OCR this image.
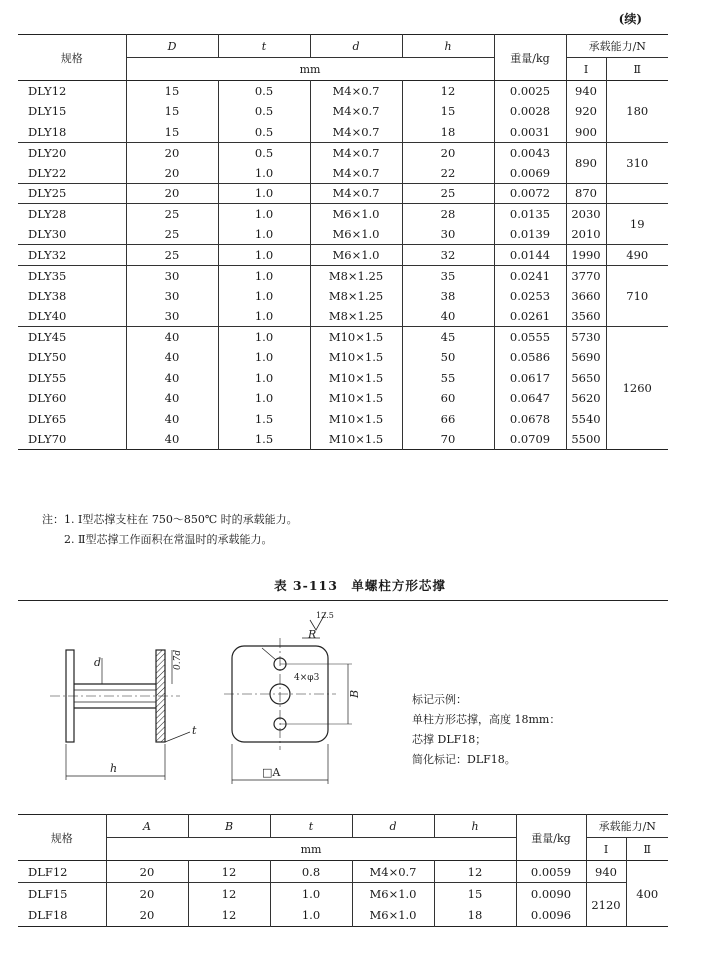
(续)
规格	D	t	d	h	重量/kg	承载能力/N	
	mm					Ⅰ	Ⅱ
DLY12	15	0.5	M4×0.7	12	0.0025	940	180
DLY15	15	0.5	M4×0.7	15	0.0028	920	
DLY18	15	0.5	M4×0.7	18	0.0031	900	
DLY20	20	0.5	M4×0.7	20	0.0043	890	310
DLY22	20	1.0	M4×0.7	22	0.0069		
DLY25	20	1.0	M4×0.7	25	0.0072	870	
DLY28	25	1.0	M6×1.0	28	0.0135	2030	19
DLY30	25	1.0	M6×1.0	30	0.0139	2010	
DLY32	25	1.0	M6×1.0	32	0.0144	1990	490
DLY35	30	1.0	M8×1.25	35	0.0241	3770	710
DLY38	30	1.0	M8×1.25	38	0.0253	3660	
DLY40	30	1.0	M8×1.25	40	0.0261	3560	
DLY45	40	1.0	M10×1.5	45	0.0555	5730	1260
DLY50	40	1.0	M10×1.5	50	0.0586	5690	
DLY55	40	1.0	M10×1.5	55	0.0617	5650	
DLY60	40	1.0	M10×1.5	60	0.0647	5620	
DLY65	40	1.5	M10×1.5	66	0.0678	5540	
DLY70	40	1.5	M10×1.5	70	0.0709	5500	
注：1. Ⅰ型芯撑支柱在 750～850℃ 时的承载能力。
2. Ⅱ型芯撑工作面积在常温时的承载能力。
表 3-113　单螺柱方形芯撑
h
t
d	0.7d
R
4×φ3
B
□A
12.5
标记示例：
单柱方形芯撑，高度 18mm：
芯撑 DLF18；
简化标记：DLF18。
规格	A	B	t	d	h	重量/kg	承载能力/N	
	mm						Ⅰ	Ⅱ
DLF12	20	12	0.8	M4×0.7	12	0.0059	940	400
DLF15	20	12	1.0	M6×1.0	15	0.0090	2120	
DLF18	20	12	1.0	M6×1.0	18	0.0096		
